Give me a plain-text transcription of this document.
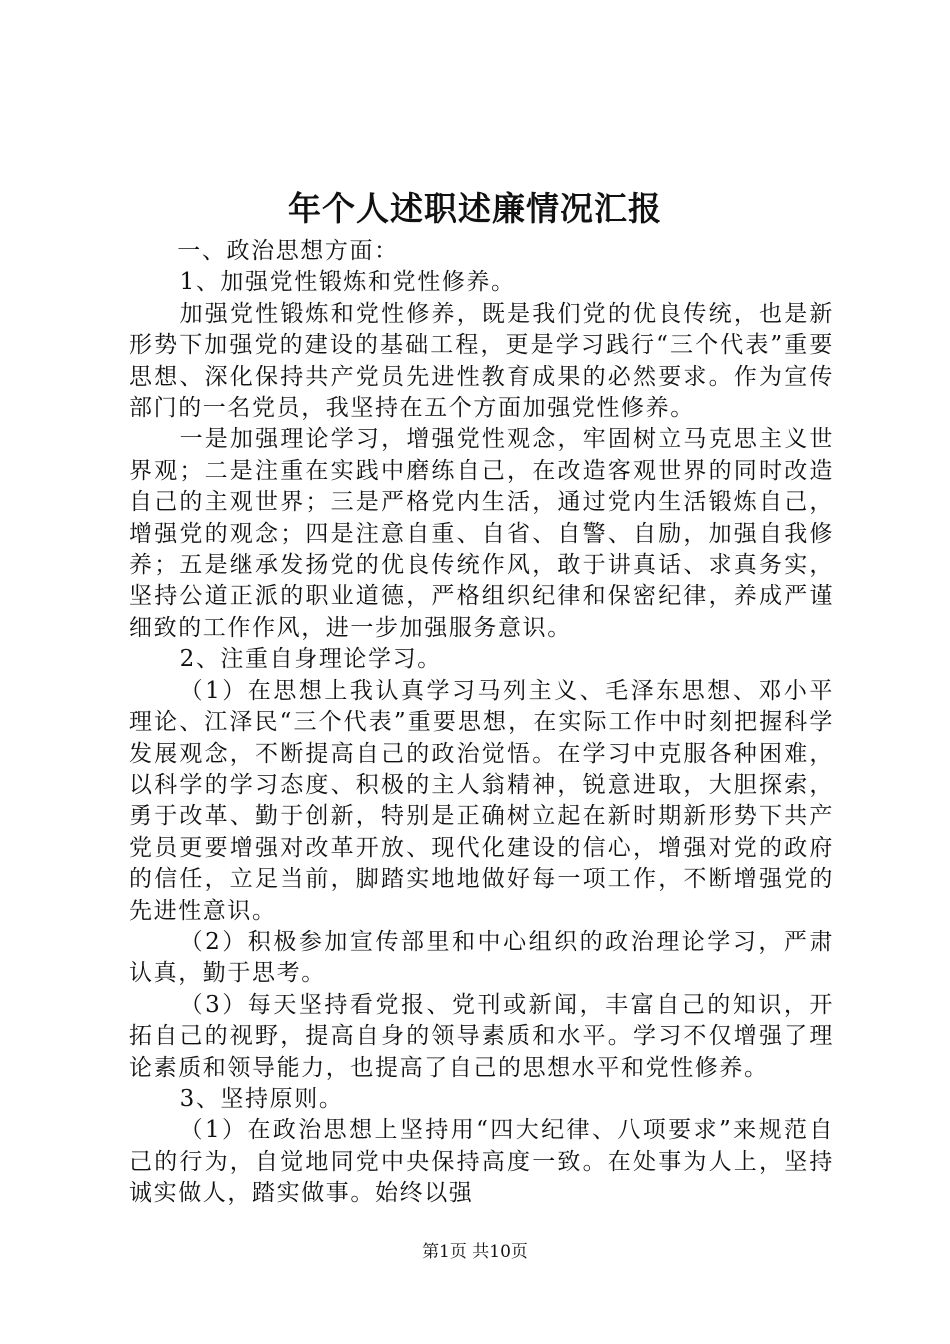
年个人述职述廉情况汇报

一、政治思想方面：

1、加强党性锻炼和党性修养。

加强党性锻炼和党性修养，既是我们党的优良传统，也是新形势下加强党的建设的基础工程，更是学习践行“三个代表”重要思想、深化保持共产党员先进性教育成果的必然要求。作为宣传部门的一名党员，我坚持在五个方面加强党性修养。

一是加强理论学习，增强党性观念，牢固树立马克思主义世界观；二是注重在实践中磨练自己，在改造客观世界的同时改造自己的主观世界；三是严格党内生活，通过党内生活锻炼自己，增强党的观念；四是注意自重、自省、自警、自励，加强自我修养；五是继承发扬党的优良传统作风，敢于讲真话、求真务实，坚持公道正派的职业道德，严格组织纪律和保密纪律，养成严谨细致的工作作风，进一步加强服务意识。

2、注重自身理论学习。

（1）在思想上我认真学习马列主义、毛泽东思想、邓小平理论、江泽民“三个代表”重要思想，在实际工作中时刻把握科学发展观念，不断提高自己的政治觉悟。在学习中克服各种困难，以科学的学习态度、积极的主人翁精神，锐意进取，大胆探索，勇于改革、勤于创新，特别是正确树立起在新时期新形势下共产党员更要增强对改革开放、现代化建设的信心，增强对党的政府的信任，立足当前，脚踏实地地做好每一项工作，不断增强党的先进性意识。

（2）积极参加宣传部里和中心组织的政治理论学习，严肃认真，勤于思考。

（3）每天坚持看党报、党刊或新闻，丰富自己的知识，开拓自己的视野，提高自身的领导素质和水平。学习不仅增强了理论素质和领导能力，也提高了自己的思想水平和党性修养。

3、坚持原则。

（1）在政治思想上坚持用“四大纪律、八项要求”来规范自己的行为，自觉地同党中央保持高度一致。在处事为人上，坚持诚实做人，踏实做事。始终以强

第1页 共10页
